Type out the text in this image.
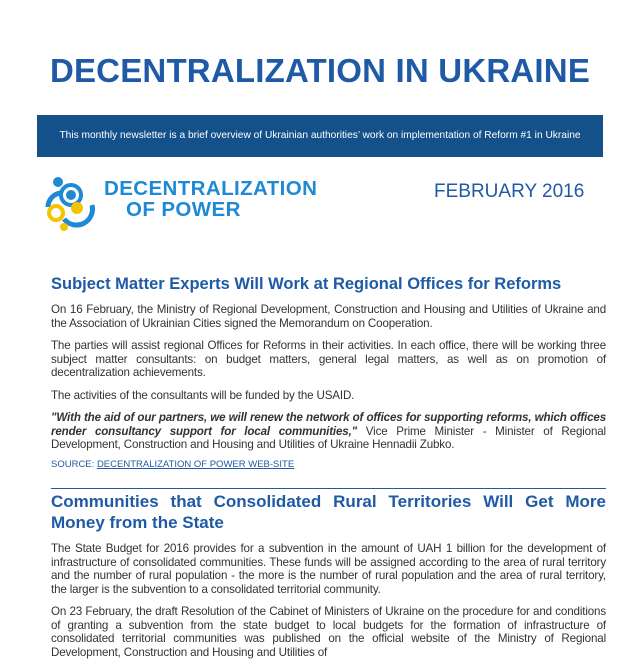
DECENTRALIZATION IN UKRAINE
This monthly newsletter is a brief overview of Ukrainian authorities’ work on implementation of Reform #1 in Ukraine
DECENTRALIZATION
OF POWER
FEBRUARY 2016
Subject Matter Experts Will Work at Regional Offices for Reforms

On 16 February, the Ministry of Regional Development, Construction and Housing and Utilities of Ukraine and the Association of Ukrainian Cities signed the Memorandum on Cooperation.

The parties will assist regional Offices for Reforms in their activities. In each office, there will be working three subject matter consultants: on budget matters, general legal matters, as well as on promotion of decentralization achievements.

The activities of the consultants will be funded by the USAID.

"With the aid of our partners, we will renew the network of offices for supporting reforms, which offices render consultancy support for local communities," Vice Prime Minister - Minister of Regional Development, Construction and Housing and Utilities of Ukraine Hennadii Zubko.

SOURCE: DECENTRALIZATION OF POWER WEB-SITE

Communities that Consolidated Rural Territories Will Get More Money from the State

The State Budget for 2016 provides for a subvention in the amount of UAH 1 billion for the development of infrastructure of consolidated communities. These funds will be assigned according to the area of rural territory and the number of rural population - the more is the number of rural population and the area of rural territory, the larger is the subvention to a consolidated territorial community.

On 23 February, the draft Resolution of the Cabinet of Ministers of Ukraine on the procedure for and conditions of granting a subvention from the state budget to local budgets for the formation of infrastructure of consolidated territorial communities was published on the official website of the Ministry of Regional Development, Construction and Housing and Utilities of
